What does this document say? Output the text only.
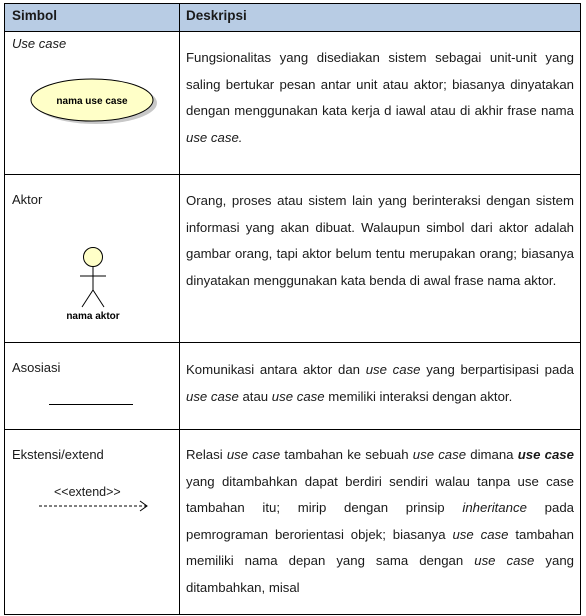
Simbol	Deskripsi
Use case
nama use case

Fungsionalitas yang disediakan sistem sebagai unit-unit yang saling bertukar pesan antar unit atau aktor; biasanya dinyatakan dengan menggunakan kata kerja d iawal atau di akhir frase nama use case.

Aktor
nama aktor

Orang, proses atau sistem lain yang berinteraksi dengan sistem informasi yang akan dibuat. Walaupun simbol dari aktor adalah gambar orang, tapi aktor belum tentu merupakan orang; biasanya dinyatakan menggunakan kata benda di awal frase nama aktor.

Asosiasi	Komunikasi antara aktor dan use case yang berpartisipasi pada use case atau use case memiliki interaksi dengan aktor.

Ekstensi/extend
<<extend>>

Relasi use case tambahan ke sebuah use case dimana use case yang ditambahkan dapat berdiri sendiri walau tanpa use case tambahan itu; mirip dengan prinsip inheritance pada pemrograman berorientasi objek; biasanya use case tambahan memiliki nama depan yang sama dengan use case yang ditambahkan, misal
